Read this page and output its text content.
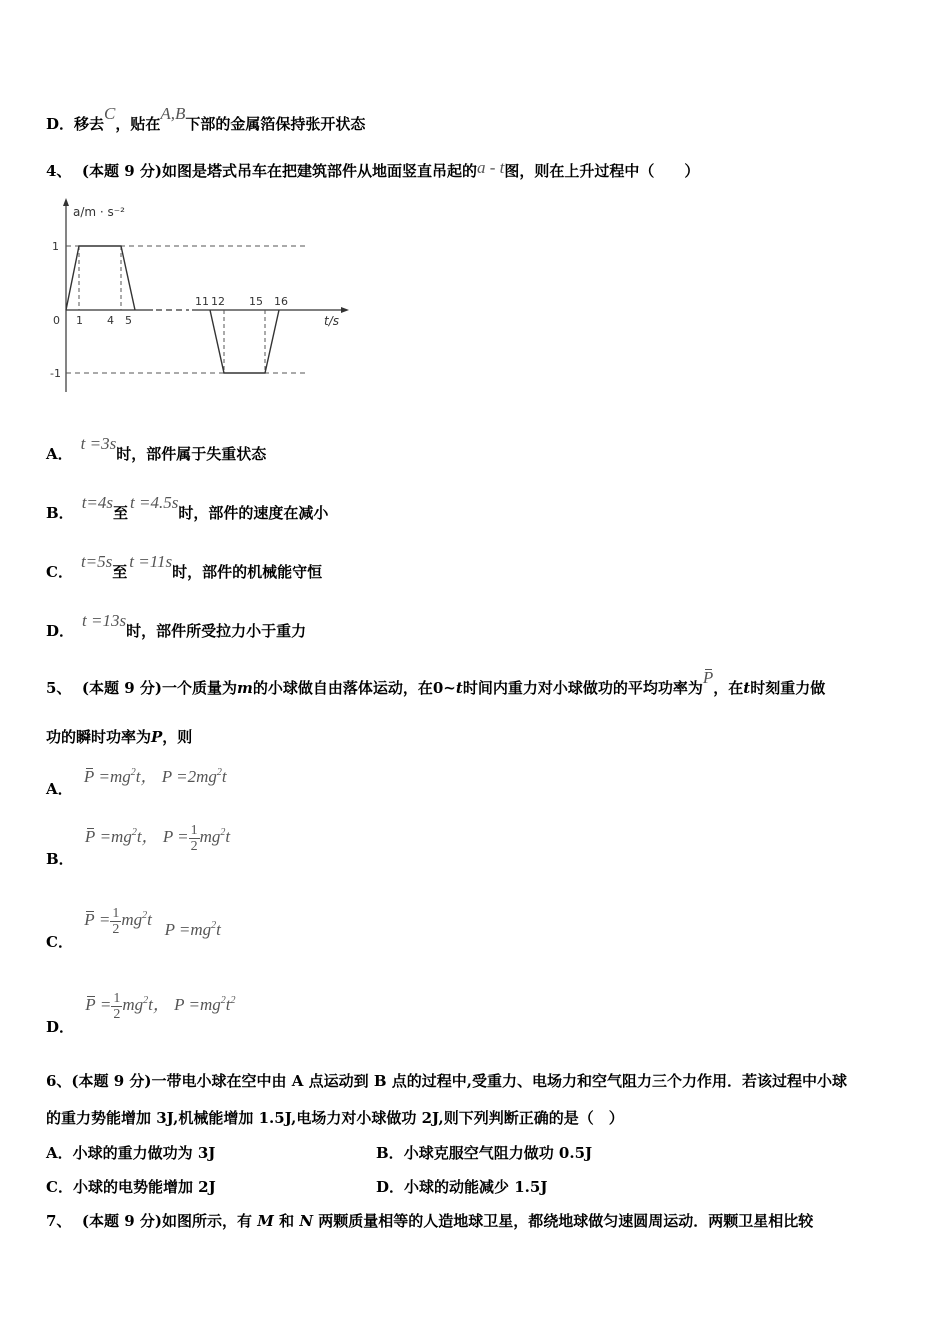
D．移去C，贴在A,B下部的金属箔保持张开状态
4、 (本题 9 分)如图是塔式吊车在把建筑部件从地面竖直吊起的a - t图，则在上升过程中（　　）
a/m · s⁻²
t/s
0
1
-1
1 4 5
11 12 15 16
A．t =3s时，部件属于失重状态
B．t=4s至t =4.5s时，部件的速度在减小
C．t=5s至t =11s时，部件的机械能守恒
D．t =13s时，部件所受拉力小于重力
5、 (本题 9 分)一个质量为m的小球做自由落体运动，在0~t时间内重力对小球做功的平均功率为P，在t时刻重力做
功的瞬时功率为P，则
A． $P =mg^2t$， $P =2mg^2t$
B． $P =mg^2t$， $P = \frac{1}{2} mg^2t$
C． $P = \frac{1}{2} mg^2t$   $P =mg^2t$
D． $P = \frac{1}{2} mg^2t$， $P =mg^2t^2$
6、(本题 9 分)一带电小球在空中由 A 点运动到 B 点的过程中,受重力、电场力和空气阻力三个力作用．若该过程中小球
的重力势能增加 3J,机械能增加 1.5J,电场力对小球做功 2J,则下列判断正确的是（　）
A．小球的重力做功为 3J	B．小球克服空气阻力做功 0.5J
C．小球的电势能增加 2J	D．小球的动能减少 1.5J
7、 (本题 9 分)如图所示，有 M 和 N 两颗质量相等的人造地球卫星，都绕地球做匀速圆周运动．两颗卫星相比较
